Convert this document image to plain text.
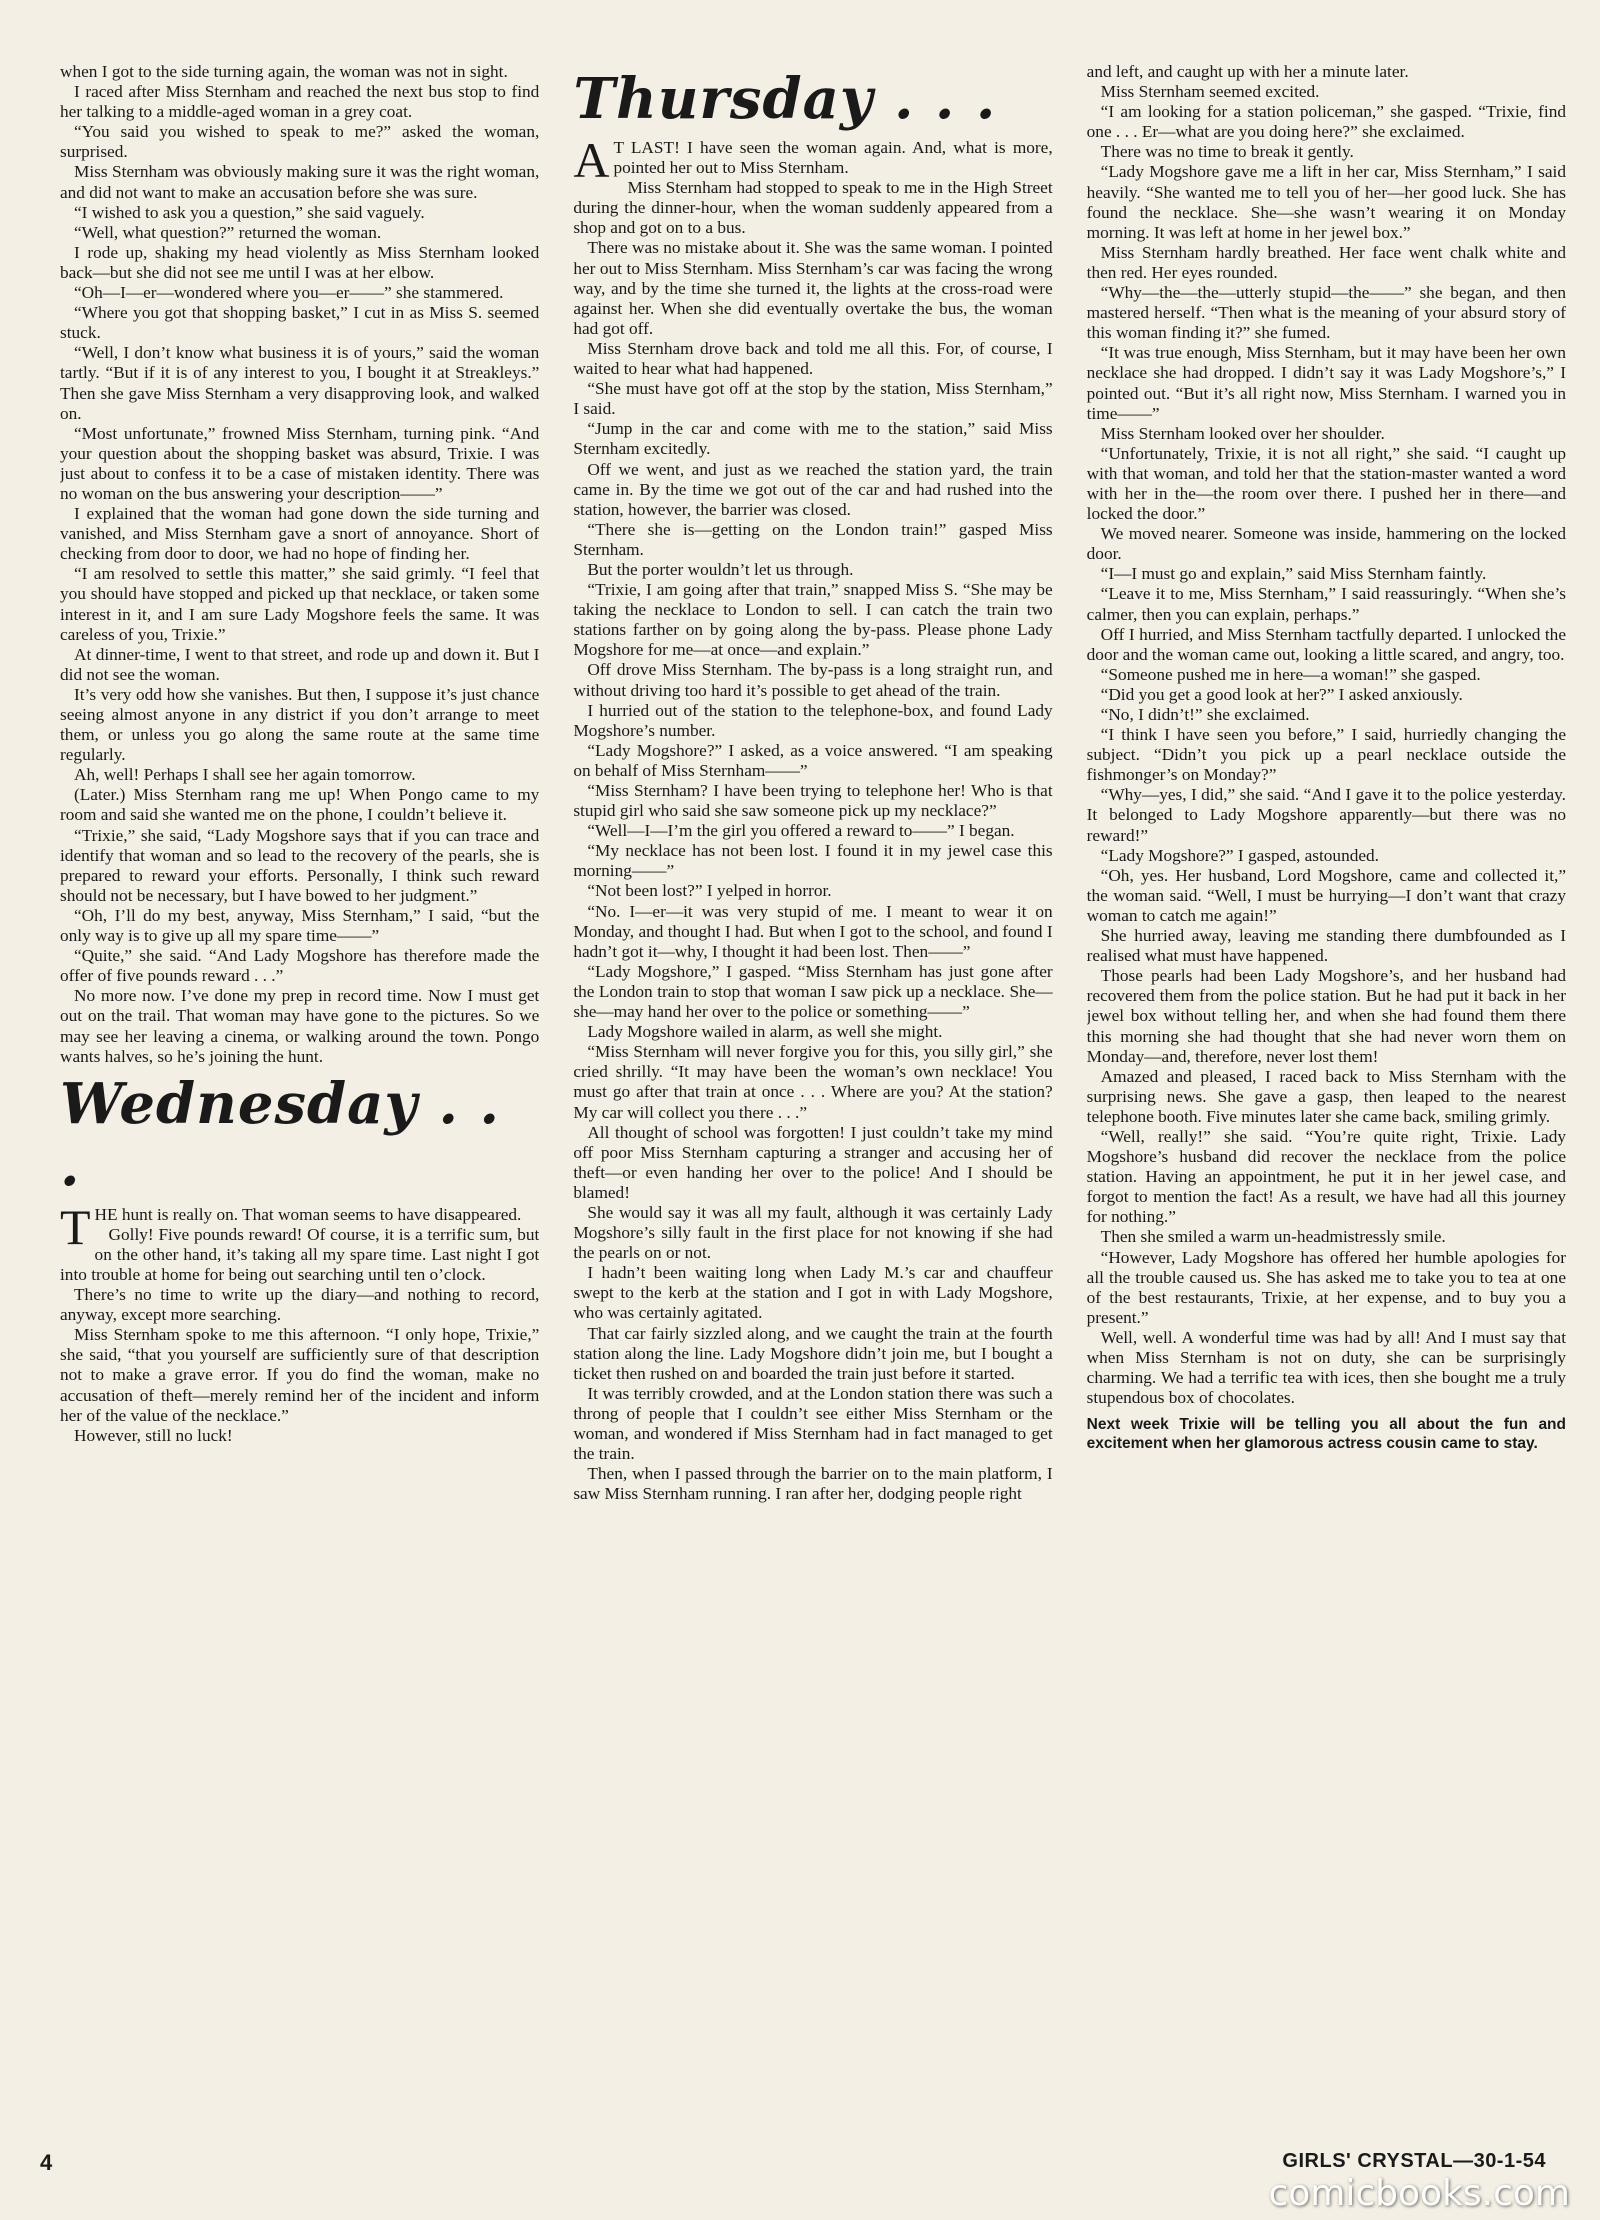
when I got to the side turning again, the woman was not in sight.

I raced after Miss Sternham and reached the next bus stop to find her talking to a middle-aged woman in a grey coat.

“You said you wished to speak to me?” asked the woman, surprised.

Miss Sternham was obviously making sure it was the right woman, and did not want to make an accusation before she was sure.

“I wished to ask you a question,” she said vaguely.

“Well, what question?” returned the woman.

I rode up, shaking my head violently as Miss Sternham looked back—but she did not see me until I was at her elbow.

“Oh—I—er—wondered where you—er——” she stammered.

“Where you got that shopping basket,” I cut in as Miss S. seemed stuck.

“Well, I don’t know what business it is of yours,” said the woman tartly. “But if it is of any interest to you, I bought it at Streakleys.” Then she gave Miss Sternham a very disapproving look, and walked on.

“Most unfortunate,” frowned Miss Sternham, turning pink. “And your question about the shopping basket was absurd, Trixie. I was just about to confess it to be a case of mistaken identity. There was no woman on the bus answering your description——”

I explained that the woman had gone down the side turning and vanished, and Miss Sternham gave a snort of annoyance. Short of checking from door to door, we had no hope of finding her.

“I am resolved to settle this matter,” she said grimly. “I feel that you should have stopped and picked up that necklace, or taken some interest in it, and I am sure Lady Mogshore feels the same. It was careless of you, Trixie.”

At dinner-time, I went to that street, and rode up and down it. But I did not see the woman.

It’s very odd how she vanishes. But then, I suppose it’s just chance seeing almost anyone in any district if you don’t arrange to meet them, or unless you go along the same route at the same time regularly.

Ah, well! Perhaps I shall see her again tomorrow.

(Later.) Miss Sternham rang me up! When Pongo came to my room and said she wanted me on the phone, I couldn’t believe it.

“Trixie,” she said, “Lady Mogshore says that if you can trace and identify that woman and so lead to the recovery of the pearls, she is prepared to reward your efforts. Personally, I think such reward should not be necessary, but I have bowed to her judgment.”

“Oh, I’ll do my best, anyway, Miss Sternham,” I said, “but the only way is to give up all my spare time——”

“Quite,” she said. “And Lady Mogshore has therefore made the offer of five pounds reward . . .”

No more now. I’ve done my prep in record time. Now I must get out on the trail. That woman may have gone to the pictures. So we may see her leaving a cinema, or walking around the town. Pongo wants halves, so he’s joining the hunt.

Wednesday . . .

THE hunt is really on. That woman seems to have disappeared.

Golly! Five pounds reward! Of course, it is a terrific sum, but on the other hand, it’s taking all my spare time. Last night I got into trouble at home for being out searching until ten o’clock.

There’s no time to write up the diary—and nothing to record, anyway, except more searching.

Miss Sternham spoke to me this afternoon. “I only hope, Trixie,” she said, “that you yourself are sufficiently sure of that description not to make a grave error. If you do find the woman, make no accusation of theft—merely remind her of the incident and inform her of the value of the necklace.”

However, still no luck!

Thursday . . .

AT LAST! I have seen the woman again. And, what is more, pointed her out to Miss Sternham.

Miss Sternham had stopped to speak to me in the High Street during the dinner-hour, when the woman suddenly appeared from a shop and got on to a bus.

There was no mistake about it. She was the same woman. I pointed her out to Miss Sternham. Miss Sternham’s car was facing the wrong way, and by the time she turned it, the lights at the cross-road were against her. When she did eventually overtake the bus, the woman had got off.

Miss Sternham drove back and told me all this. For, of course, I waited to hear what had happened.

“She must have got off at the stop by the station, Miss Sternham,” I said.

“Jump in the car and come with me to the station,” said Miss Sternham excitedly.

Off we went, and just as we reached the station yard, the train came in. By the time we got out of the car and had rushed into the station, however, the barrier was closed.

“There she is—getting on the London train!” gasped Miss Sternham.

But the porter wouldn’t let us through.

“Trixie, I am going after that train,” snapped Miss S. “She may be taking the necklace to London to sell. I can catch the train two stations farther on by going along the by-pass. Please phone Lady Mogshore for me—at once—and explain.”

Off drove Miss Sternham. The by-pass is a long straight run, and without driving too hard it’s possible to get ahead of the train.

I hurried out of the station to the telephone-box, and found Lady Mogshore’s number.

“Lady Mogshore?” I asked, as a voice answered. “I am speaking on behalf of Miss Sternham——”

“Miss Sternham? I have been trying to telephone her! Who is that stupid girl who said she saw someone pick up my necklace?”

“Well—I—I’m the girl you offered a reward to——” I began.

“My necklace has not been lost. I found it in my jewel case this morning——”

“Not been lost?” I yelped in horror.

“No. I—er—it was very stupid of me. I meant to wear it on Monday, and thought I had. But when I got to the school, and found I hadn’t got it—why, I thought it had been lost. Then——”

“Lady Mogshore,” I gasped. “Miss Sternham has just gone after the London train to stop that woman I saw pick up a necklace. She—she—may hand her over to the police or something——”

Lady Mogshore wailed in alarm, as well she might.

“Miss Sternham will never forgive you for this, you silly girl,” she cried shrilly. “It may have been the woman’s own necklace! You must go after that train at once . . . Where are you? At the station? My car will collect you there . . .”

All thought of school was forgotten! I just couldn’t take my mind off poor Miss Sternham capturing a stranger and accusing her of theft—or even handing her over to the police! And I should be blamed!

She would say it was all my fault, although it was certainly Lady Mogshore’s silly fault in the first place for not knowing if she had the pearls on or not.

I hadn’t been waiting long when Lady M.’s car and chauffeur swept to the kerb at the station and I got in with Lady Mogshore, who was certainly agitated.

That car fairly sizzled along, and we caught the train at the fourth station along the line. Lady Mogshore didn’t join me, but I bought a ticket then rushed on and boarded the train just before it started.

It was terribly crowded, and at the London station there was such a throng of people that I couldn’t see either Miss Sternham or the woman, and wondered if Miss Sternham had in fact managed to get the train.

Then, when I passed through the barrier on to the main platform, I saw Miss Sternham running. I ran after her, dodging people right

and left, and caught up with her a minute later.

Miss Sternham seemed excited.

“I am looking for a station policeman,” she gasped. “Trixie, find one . . . Er—what are you doing here?” she exclaimed.

There was no time to break it gently.

“Lady Mogshore gave me a lift in her car, Miss Sternham,” I said heavily. “She wanted me to tell you of her—her good luck. She has found the necklace. She—she wasn’t wearing it on Monday morning. It was left at home in her jewel box.”

Miss Sternham hardly breathed. Her face went chalk white and then red. Her eyes rounded.

“Why—the—the—utterly stupid—the——” she began, and then mastered herself. “Then what is the meaning of your absurd story of this woman finding it?” she fumed.

“It was true enough, Miss Sternham, but it may have been her own necklace she had dropped. I didn’t say it was Lady Mogshore’s,” I pointed out. “But it’s all right now, Miss Sternham. I warned you in time——”

Miss Sternham looked over her shoulder.

“Unfortunately, Trixie, it is not all right,” she said. “I caught up with that woman, and told her that the station-master wanted a word with her in the—the room over there. I pushed her in there—and locked the door.”

We moved nearer. Someone was inside, hammering on the locked door.

“I—I must go and explain,” said Miss Sternham faintly.

“Leave it to me, Miss Sternham,” I said reassuringly. “When she’s calmer, then you can explain, perhaps.”

Off I hurried, and Miss Sternham tactfully departed. I unlocked the door and the woman came out, looking a little scared, and angry, too.

“Someone pushed me in here—a woman!” she gasped.

“Did you get a good look at her?” I asked anxiously.

“No, I didn’t!” she exclaimed.

“I think I have seen you before,” I said, hurriedly changing the subject. “Didn’t you pick up a pearl necklace outside the fishmonger’s on Monday?”

“Why—yes, I did,” she said. “And I gave it to the police yesterday. It belonged to Lady Mogshore apparently—but there was no reward!”

“Lady Mogshore?” I gasped, astounded.

“Oh, yes. Her husband, Lord Mogshore, came and collected it,” the woman said. “Well, I must be hurrying—I don’t want that crazy woman to catch me again!”

She hurried away, leaving me standing there dumbfounded as I realised what must have happened.

Those pearls had been Lady Mogshore’s, and her husband had recovered them from the police station. But he had put it back in her jewel box without telling her, and when she had found them there this morning she had thought that she had never worn them on Monday—and, therefore, never lost them!

Amazed and pleased, I raced back to Miss Sternham with the surprising news. She gave a gasp, then leaped to the nearest telephone booth. Five minutes later she came back, smiling grimly.

“Well, really!” she said. “You’re quite right, Trixie. Lady Mogshore’s husband did recover the necklace from the police station. Having an appointment, he put it in her jewel case, and forgot to mention the fact! As a result, we have had all this journey for nothing.”

Then she smiled a warm un-headmistressly smile.

“However, Lady Mogshore has offered her humble apologies for all the trouble caused us. She has asked me to take you to tea at one of the best restaurants, Trixie, at her expense, and to buy you a present.”

Well, well. A wonderful time was had by all! And I must say that when Miss Sternham is not on duty, she can be surprisingly charming. We had a terrific tea with ices, then she bought me a truly stupendous box of chocolates.

Next week Trixie will be telling you all about the fun and excitement when her glamorous actress cousin came to stay.
4	GIRLS' CRYSTAL—30-1-54
comicbooks.com
